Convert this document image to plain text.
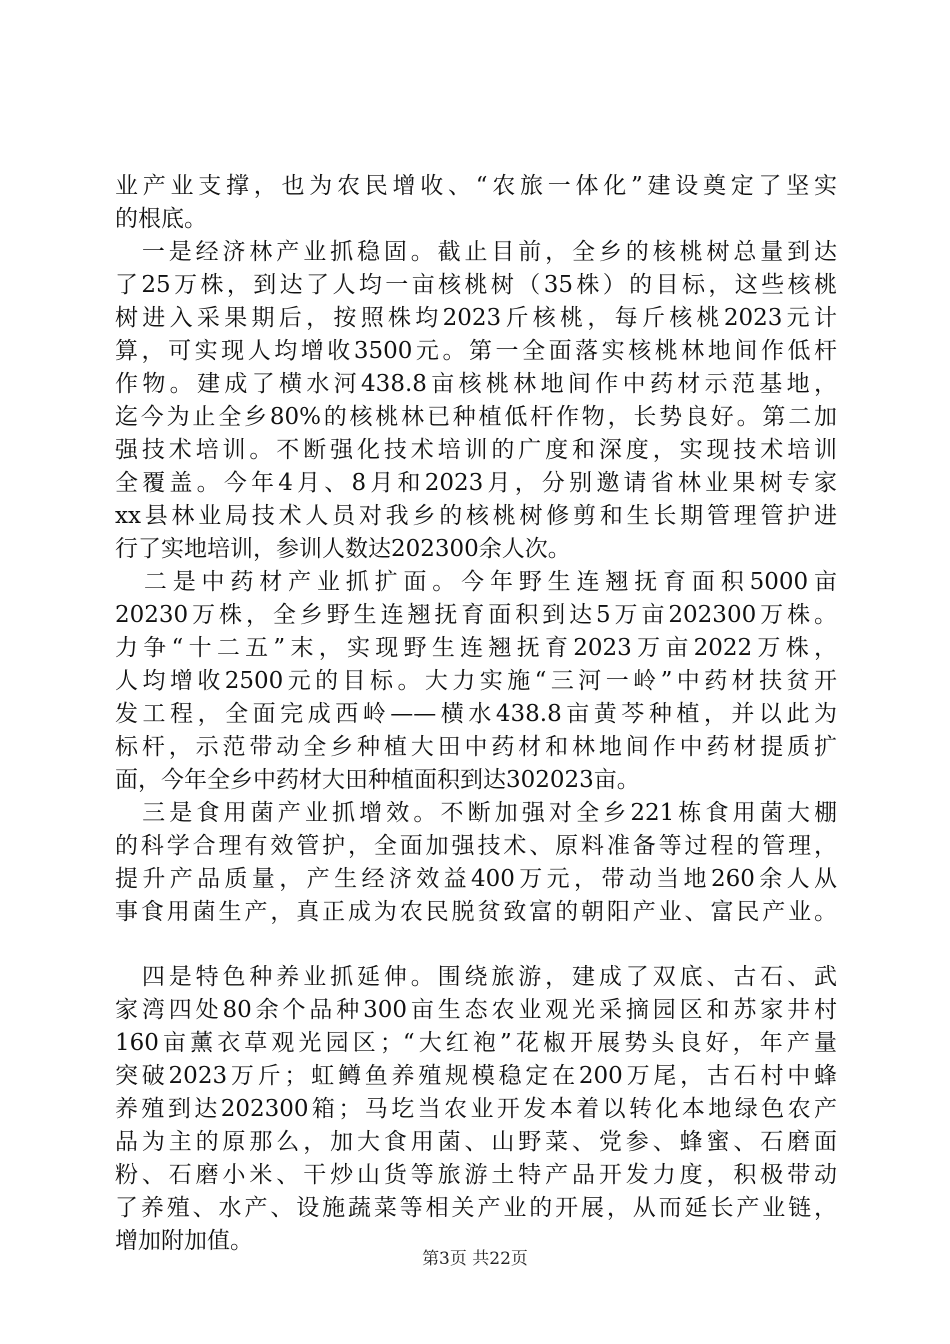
业产业支撑，也为农民增收、“农旅一体化”建设奠定了坚实
的根底。
　一是经济林产业抓稳固。截止目前，全乡的核桃树总量到达
了25万株，到达了人均一亩核桃树（35株）的目标，这些核桃
树进入采果期后，按照株均2023斤核桃，每斤核桃2023元计
算，可实现人均增收3500元。第一全面落实核桃林地间作低杆
作物。建成了横水河438.8亩核桃林地间作中药材示范基地，
迄今为止全乡80%的核桃林已种植低杆作物，长势良好。第二加
强技术培训。不断强化技术培训的广度和深度，实现技术培训
全覆盖。今年4月、8月和2023月，分别邀请省林业果树专家
xx县林业局技术人员对我乡的核桃树修剪和生长期管理管护进
行了实地培训，参训人数达202300余人次。
　二是中药材产业抓扩面。今年野生连翘抚育面积5000亩
20230万株，全乡野生连翘抚育面积到达5万亩202300万株。
力争“十二五”末，实现野生连翘抚育2023万亩2022万株，
人均增收2500元的目标。大力实施“三河一岭”中药材扶贫开
发工程，全面完成西岭——横水438.8亩黄芩种植，并以此为
标杆，示范带动全乡种植大田中药材和林地间作中药材提质扩
面，今年全乡中药材大田种植面积到达302023亩。
　三是食用菌产业抓增效。不断加强对全乡221栋食用菌大棚
的科学合理有效管护，全面加强技术、原料准备等过程的管理，
提升产品质量，产生经济效益400万元，带动当地260余人从
事食用菌生产，真正成为农民脱贫致富的朝阳产业、富民产业。
　四是特色种养业抓延伸。围绕旅游，建成了双底、古石、武
家湾四处80余个品种300亩生态农业观光采摘园区和苏家井村
160亩薰衣草观光园区；“大红袍”花椒开展势头良好，年产量
突破2023万斤；虹鳟鱼养殖规模稳定在200万尾，古石村中蜂
养殖到达202300箱；马圪当农业开发本着以转化本地绿色农产
品为主的原那么，加大食用菌、山野菜、党参、蜂蜜、石磨面
粉、石磨小米、干炒山货等旅游土特产品开发力度，积极带动
了养殖、水产、设施蔬菜等相关产业的开展，从而延长产业链，
增加附加值。
第3页 共22页
